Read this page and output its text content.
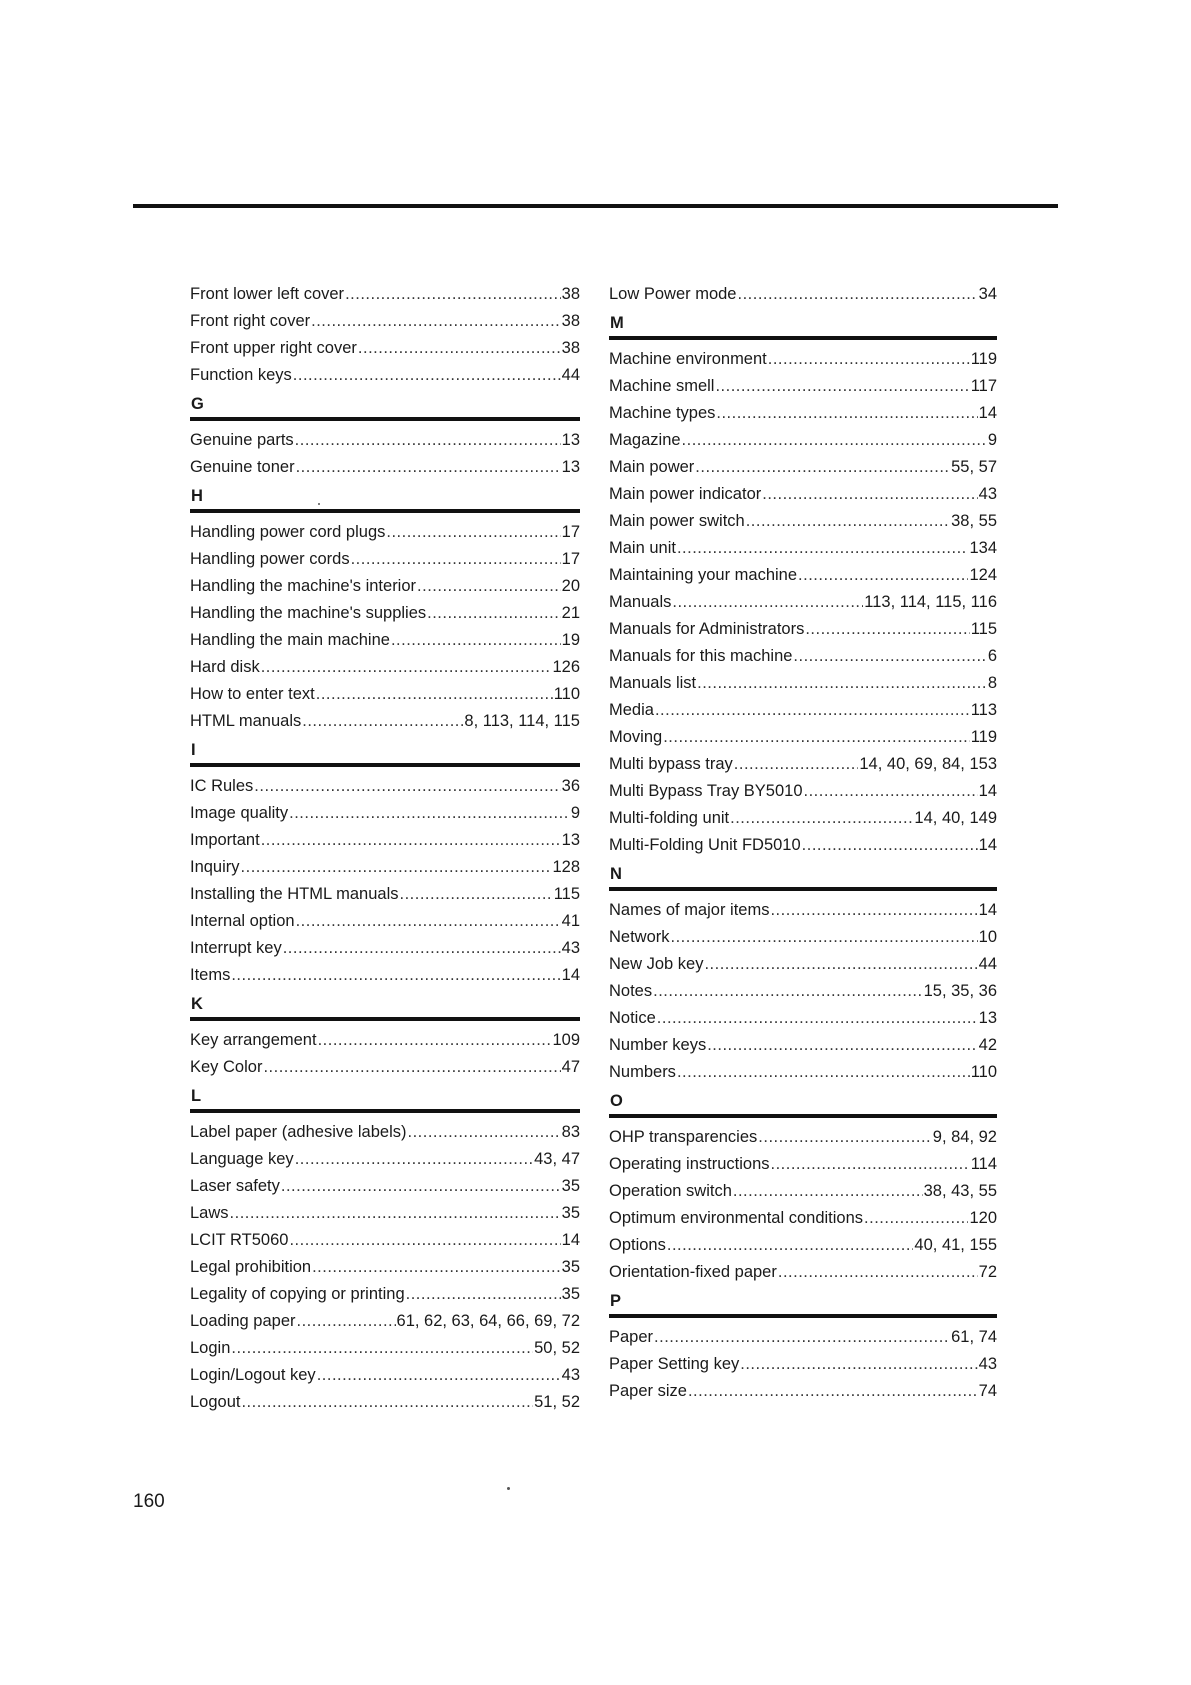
Front lower left cover .....	38
Front right cover .....	38
Front upper right cover .....	38
Function keys .....	44
G
Genuine parts .....	13
Genuine toner .....	13
H
Handling power cord plugs .....	17
Handling power cords .....	17
Handling the machine's interior .....	20
Handling the machine's supplies .....	21
Handling the main machine .....	19
Hard disk .....	126
How to enter text .....	110
HTML manuals .....	8, 113, 114, 115
I
IC Rules .....	36
Image quality .....	9
Important .....	13
Inquiry .....	128
Installing the HTML manuals .....	115
Internal option .....	41
Interrupt key .....	43
Items .....	14
K
Key arrangement .....	109
Key Color .....	47
L
Label paper (adhesive labels) .....	83
Language key .....	43, 47
Laser safety .....	35
Laws .....	35
LCIT RT5060 .....	14
Legal prohibition .....	35
Legality of copying or printing .....	35
Loading paper .....	61, 62, 63, 64, 66, 69, 72
Login .....	50, 52
Login/Logout key .....	43
Logout .....	51, 52
Low Power mode .....	34
M
Machine environment .....	119
Machine smell .....	117
Machine types .....	14
Magazine .....	9
Main power .....	55, 57
Main power indicator .....	43
Main power switch .....	38, 55
Main unit .....	134
Maintaining your machine .....	124
Manuals .....	113, 114, 115, 116
Manuals for Administrators .....	115
Manuals for this machine .....	6
Manuals list .....	8
Media .....	113
Moving .....	119
Multi bypass tray .....	14, 40, 69, 84, 153
Multi Bypass Tray BY5010 .....	14
Multi-folding unit .....	14, 40, 149
Multi-Folding Unit FD5010 .....	14
N
Names of major items .....	14
Network .....	10
New Job key .....	44
Notes .....	15, 35, 36
Notice .....	13
Number keys .....	42
Numbers .....	110
O
OHP transparencies .....	9, 84, 92
Operating instructions .....	114
Operation switch .....	38, 43, 55
Optimum environmental conditions .....	120
Options .....	40, 41, 155
Orientation-fixed paper .....	72
P
Paper .....	61, 74
Paper Setting key .....	43
Paper size .....	74
160
